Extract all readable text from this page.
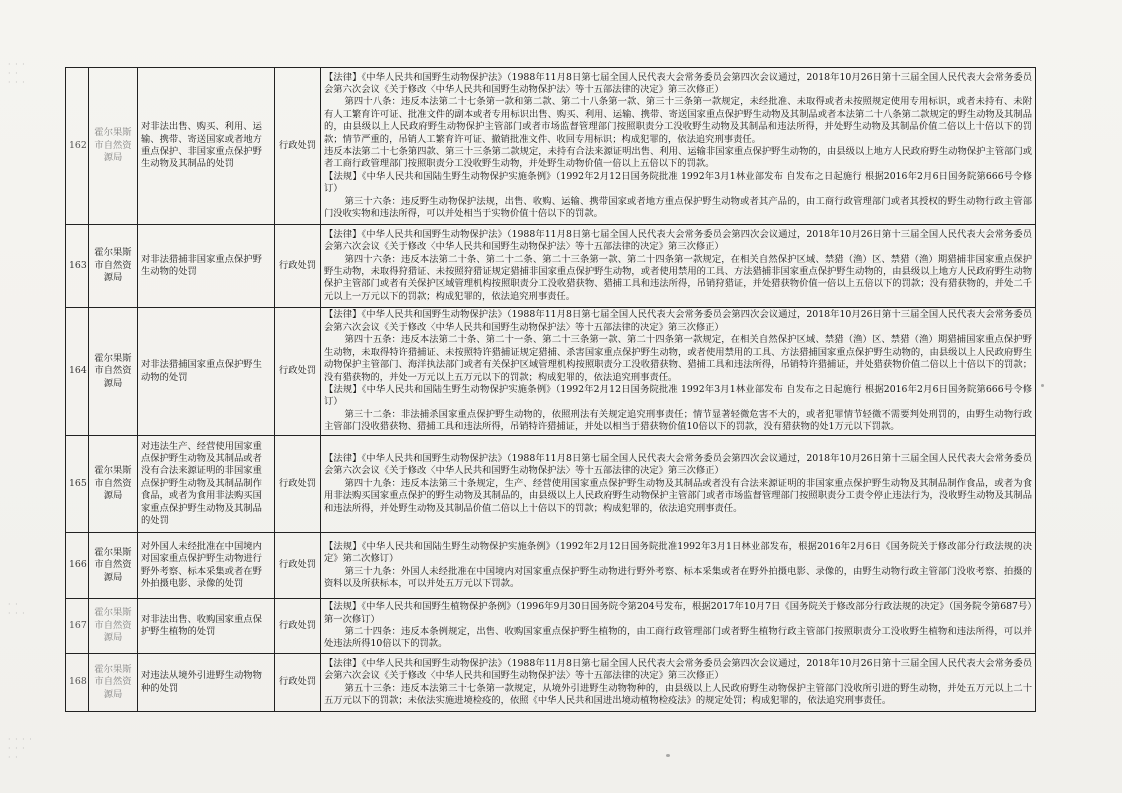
· · ·
· ·
· · ·
· ·
· · ·
· · · ·
· · ·
· ·
162	霍尔果斯市自然资源局	对非法出售、购买、利用、运输、携带、寄送国家或者地方重点保护、非国家重点保护野生动物及其制品的处罚	行政处罚	【法律】《中华人民共和国野生动物保护法》（1988年11月8日第七届全国人民代表大会常务委员会第四次会议通过，2018年10月26日第十三届全国人民代表大会常务委员会第六次会议《关于修改〈中华人民共和国野生动物保护法〉等十五部法律的决定》第三次修正）

第四十八条：违反本法第二十七条第一款和第二款、第二十八条第一款、第三十三条第一款规定，未经批准、未取得或者未按照规定使用专用标识，或者未持有、未附有人工繁育许可证、批准文件的副本或者专用标识出售、购买、利用、运输、携带、寄送国家重点保护野生动物及其制品或者本法第二十八条第二款规定的野生动物及其制品的，由县级以上人民政府野生动物保护主管部门或者市场监督管理部门按照职责分工没收野生动物及其制品和违法所得，并处野生动物及其制品价值二倍以上十倍以下的罚款；情节严重的，吊销人工繁育许可证、撤销批准文件、收回专用标识；构成犯罪的，依法追究刑事责任。

违反本法第二十七条第四款、第三十三条第二款规定，未持有合法来源证明出售、利用、运输非国家重点保护野生动物的，由县级以上地方人民政府野生动物保护主管部门或者工商行政管理部门按照职责分工没收野生动物，并处野生动物价值一倍以上五倍以下的罚款。

【法规】《中华人民共和国陆生野生动物保护实施条例》（1992年2月12日国务院批准 1992年3月1林业部发布 自发布之日起施行 根据2016年2月6日国务院第666号令修订）

第三十六条：违反野生动物保护法规，出售、收购、运输、携带国家或者地方重点保护野生动物或者其产品的，由工商行政管理部门或者其授权的野生动物行政主管部门没收实物和违法所得，可以并处相当于实物价值十倍以下的罚款。

163	霍尔果斯市自然资源局	对非法猎捕非国家重点保护野生动物的处罚	行政处罚	【法律】《中华人民共和国野生动物保护法》（1988年11月8日第七届全国人民代表大会常务委员会第四次会议通过，2018年10月26日第十三届全国人民代表大会常务委员会第六次会议《关于修改〈中华人民共和国野生动物保护法〉等十五部法律的决定》第三次修正）

第四十六条：违反本法第二十条、第二十二条、第二十三条第一款、第二十四条第一款规定，在相关自然保护区域、禁猎（渔）区、禁猎（渔）期猎捕非国家重点保护野生动物，未取得狩猎证、未按照狩猎证规定猎捕非国家重点保护野生动物，或者使用禁用的工具、方法猎捕非国家重点保护野生动物的，由县级以上地方人民政府野生动物保护主管部门或者有关保护区域管理机构按照职责分工没收猎获物、猎捕工具和违法所得，吊销狩猎证，并处猎获物价值一倍以上五倍以下的罚款；没有猎获物的，并处二千元以上一万元以下的罚款；构成犯罪的，依法追究刑事责任。

164	霍尔果斯市自然资源局	对非法猎捕国家重点保护野生动物的处罚	行政处罚	【法律】《中华人民共和国野生动物保护法》（1988年11月8日第七届全国人民代表大会常务委员会第四次会议通过，2018年10月26日第十三届全国人民代表大会常务委员会第六次会议《关于修改〈中华人民共和国野生动物保护法〉等十五部法律的决定》第三次修正）

第四十五条：违反本法第二十条、第二十一条、第二十三条第一款、第二十四条第一款规定，在相关自然保护区域、禁猎（渔）区、禁猎（渔）期猎捕国家重点保护野生动物，未取得特许猎捕证、未按照特许猎捕证规定猎捕、杀害国家重点保护野生动物，或者使用禁用的工具、方法猎捕国家重点保护野生动物的，由县级以上人民政府野生动物保护主管部门、海洋执法部门或者有关保护区域管理机构按照职责分工没收猎获物、猎捕工具和违法所得，吊销特许猎捕证，并处猎获物价值二倍以上十倍以下的罚款；没有猎获物的，并处一万元以上五万元以下的罚款；构成犯罪的，依法追究刑事责任。

【法规】《中华人民共和国陆生野生动物保护实施条例》（1992年2月12日国务院批准 1992年3月1林业部发布 自发布之日起施行 根据2016年2月6日国务院第666号令修订）

第三十二条：非法捕杀国家重点保护野生动物的，依照刑法有关规定追究刑事责任；情节显著轻微危害不大的，或者犯罪情节轻微不需要判处刑罚的，由野生动物行政主管部门没收猎获物、猎捕工具和违法所得，吊销特许猎捕证，并处以相当于猎获物价值10倍以下的罚款，没有猎获物的处1万元以下罚款。

165	霍尔果斯市自然资源局	对违法生产、经营使用国家重点保护野生动物及其制品或者没有合法来源证明的非国家重点保护野生动物及其制品制作食品，或者为食用非法购买国家重点保护野生动物及其制品的处罚	行政处罚	【法律】《中华人民共和国野生动物保护法》（1988年11月8日第七届全国人民代表大会常务委员会第四次会议通过，2018年10月26日第十三届全国人民代表大会常务委员会第六次会议《关于修改〈中华人民共和国野生动物保护法〉等十五部法律的决定》第三次修正）

第四十九条：违反本法第三十条规定，生产、经营使用国家重点保护野生动物及其制品或者没有合法来源证明的非国家重点保护野生动物及其制品制作食品，或者为食用非法购买国家重点保护的野生动物及其制品的，由县级以上人民政府野生动物保护主管部门或者市场监督管理部门按照职责分工责令停止违法行为，没收野生动物及其制品和违法所得，并处野生动物及其制品价值二倍以上十倍以下的罚款；构成犯罪的，依法追究刑事责任。

166	霍尔果斯市自然资源局	对外国人未经批准在中国境内对国家重点保护野生动物进行野外考察、标本采集或者在野外拍摄电影、录像的处罚	行政处罚	【法规】《中华人民共和国陆生野生动物保护实施条例》（1992年2月12日国务院批准1992年3月1日林业部发布，根据2016年2月6日《国务院关于修改部分行政法规的决定》第二次修订）

第三十九条：外国人未经批准在中国境内对国家重点保护野生动物进行野外考察、标本采集或者在野外拍摄电影、录像的，由野生动物行政主管部门没收考察、拍摄的资料以及所获标本，可以并处五万元以下罚款。

167	霍尔果斯市自然资源局	对非法出售、收购国家重点保护野生植物的处罚	行政处罚	【法规】《中华人民共和国野生植物保护条例》（1996年9月30日国务院令第204号发布，根据2017年10月7日《国务院关于修改部分行政法规的决定》（国务院令第687号）第一次修订）

第二十四条：违反本条例规定，出售、收购国家重点保护野生植物的，由工商行政管理部门或者野生植物行政主管部门按照职责分工没收野生植物和违法所得，可以并处违法所得10倍以下的罚款。

168	霍尔果斯市自然资源局	对违法从境外引进野生动物物种的处罚	行政处罚	【法律】《中华人民共和国野生动物保护法》（1988年11月8日第七届全国人民代表大会常务委员会第四次会议通过，2018年10月26日第十三届全国人民代表大会常务委员会第六次会议《关于修改〈中华人民共和国野生动物保护法〉等十五部法律的决定》第三次修正）

第五十三条：违反本法第三十七条第一款规定，从境外引进野生动物物种的，由县级以上人民政府野生动物保护主管部门没收所引进的野生动物，并处五万元以上二十五万元以下的罚款；未依法实施进境检疫的，依照《中华人民共和国进出境动植物检疫法》的规定处罚；构成犯罪的，依法追究刑事责任。
